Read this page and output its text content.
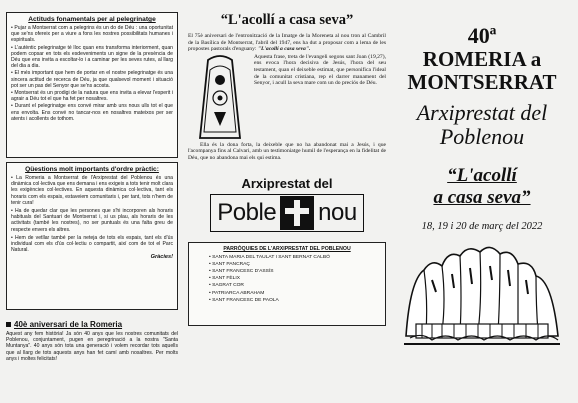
Actituds fonamentals per al pelegrinatge
• Pujar a Montserrat com a pelegrins és un do de Déu : una oportunitat que se'ns ofereix per a viure a fons les nostres possibilitats humanes i espirituals.
• L'autèntic pelegrinatge té lloc quan ens transforma interiorment, quan podem copsar en tots els esdeveniments un signe de la presència de Déu que ens invita a escoltar-lo i a caminar per les seves rutes, al llarg del dia a dia.
• El més important que hem de portar en el nostre pelegrinatge és una sincera actitud de recerca de Déu, ja que qualsevol moment i situació pot ser un pas del Senyor que se'ns acosta.
• Montserrat és un prodigi de la natura que ens invita a elevar l'esperit i agrair a Déu tot el que ha fet per nosaltres.
• Durant el pelegrinatge ens convé mirar amb uns nous ulls tot el que ens envolta. Ens convé no tancar-nos en nosaltres mateixos per ser atents i acollents de tothom.
Qüestions molt importants d'ordre pràctic:
• La Romeria a Montserrat de l'Arxiprestat del Poblenou és una dinàmica col·lectiva que ens demana i ens exigeix a tots tenir molt clara les exigències col·lectives. En aquesta dinàmica col·lectiva, tant els horaris com els espais, estaveiem comunitaris i, per tant, tots n'hem de tenir cura!
• Ha de quedar clar que les persones que s'hi incorporen als horaris habituals del Santuari de Montserrat i, si us plau, als horaris de les activitats (també les nostres), no ser puntuals és una falta greu de respecte envers els altres.
• Hem de vetllar també per la neteja de tots els espais, tant els d'ús individual com els d'ús col·lectiu o compartit, així com de tot el Parc Natural.
Gràcies!
40è aniversari de la Romeria
Aquest any fem història! Ja són 40 anys que les nostres comunitats del Poblenou, conjuntament, pugen en peregrinació a la nostra "Santa Muntanya". 40 anys són tota una generació i volem recordar tots aquells que al llarg de tots aquests anys han fet camí amb nosaltres. Per molts anys i moltes felicitats!
“L'acollí a casa seva”
El 75è aniversari de l'entronització de la Imatge de la Moreneta al nou tron al Cambril de la Basílica de Montserrat, l'abril del 1947, ens ha dut a proposar com a lema de les propostes pastorals d'enguany: "L'acollí a casa seva".
Aquesta frase, treta de l'evangeli segons sant Joan (19,27), ens evoca l'hora decisiva de Jesús, l'hora del seu testament, quan el deixeble estimat, que personifica l'ideal de la comunitat cristiana, rep el darrer manament del Senyor, i acull la seva mare com un do preciós de Déu.
Ella és la dona forta, la deixeble que no ha abandonat mai a Jesús, i que l'acompanya fins al Calvari, amb un testimoniatge humil de l'esperança en la fidelitat de Déu, que no abandona mai els qui estima.
Arxiprestat del
Poble nou
PARRÒQUIES DE L'ARXIPRESTAT DEL POBLENOU
• SANTA MARIA DEL TAULAT I SANT BERNAT CALBÓ
• SANT PANCRAÇ
• SANT FRANCESC D'ASSÍS
• SANT FÈLIX
• SAGRAT COR
• PATRIARCA ABRAHAM
• SANT FRANCESC DE PAOLA
40ª
ROMERIA a
MONTSERRAT
Arxiprestat del
Poblenou
“L'acollí
a casa seva”
18, 19 i 20 de març del 2022
